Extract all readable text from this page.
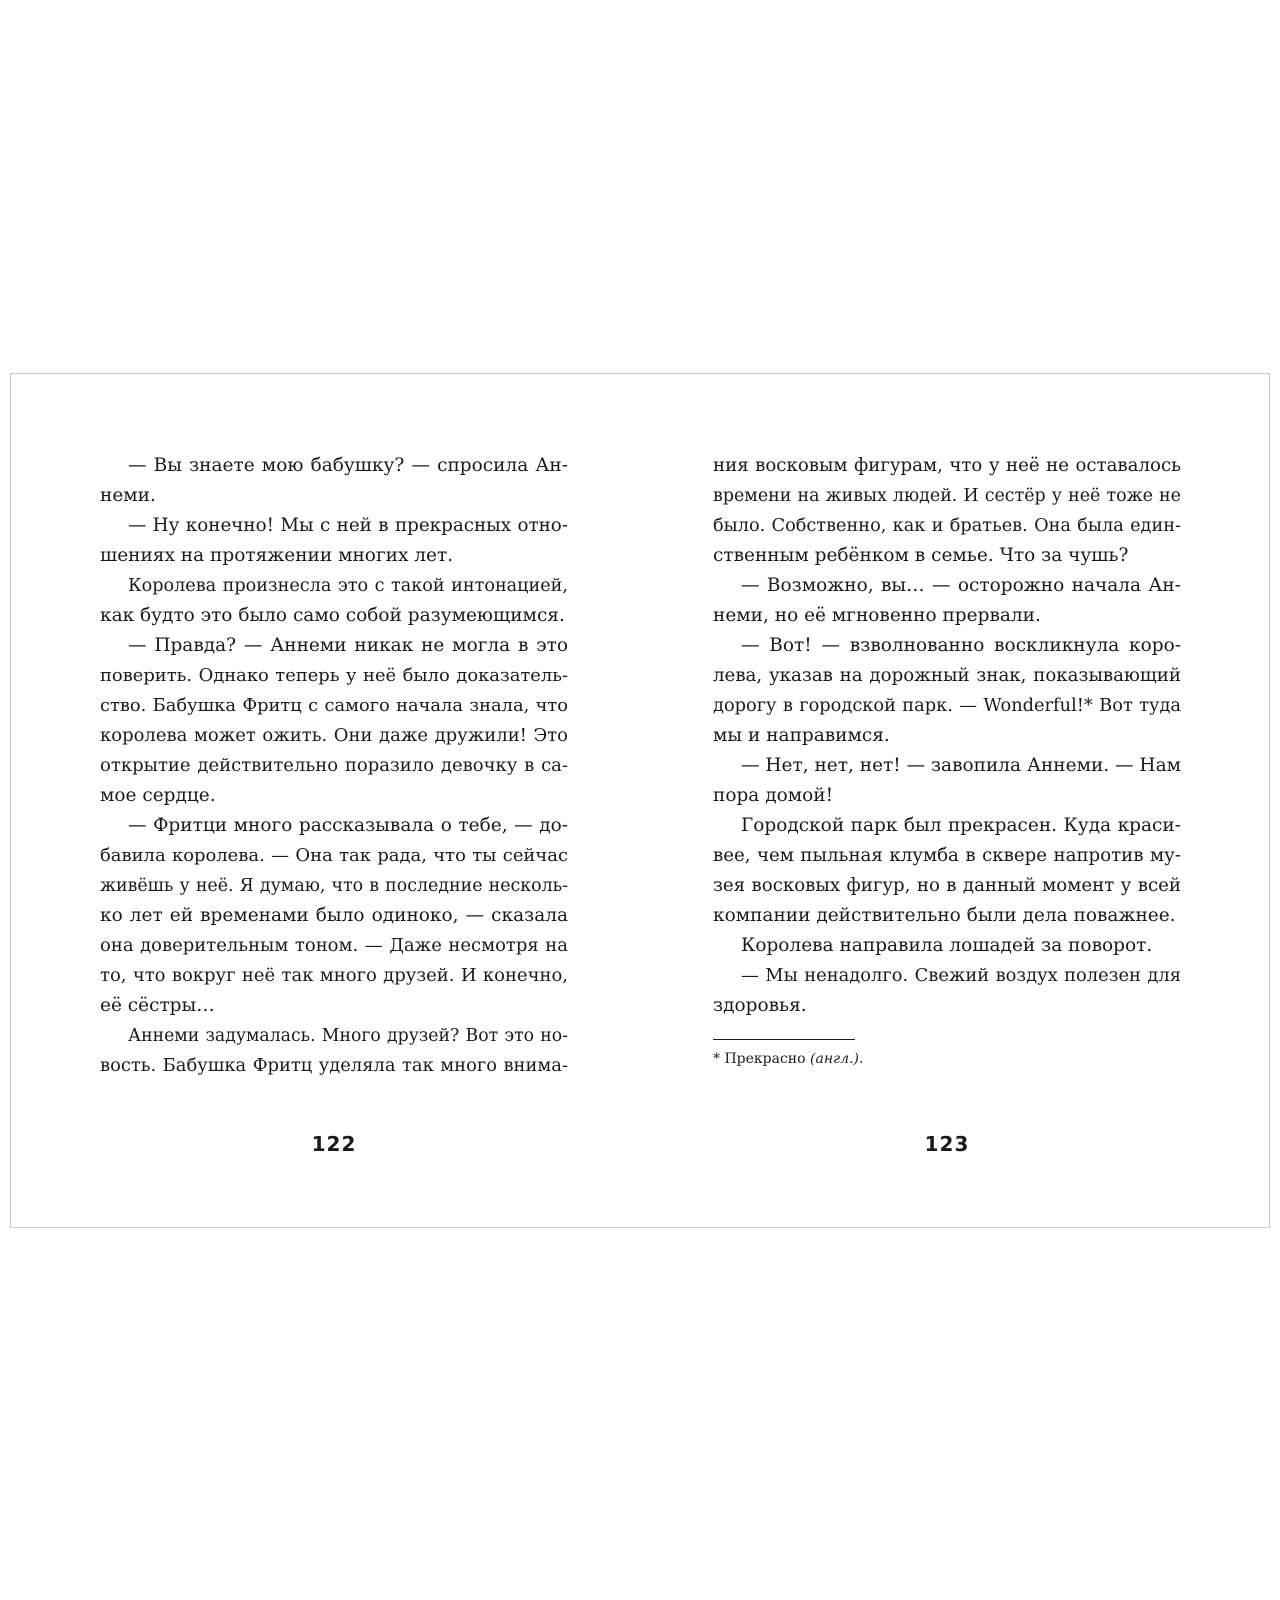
— Вы знаете мою бабушку? — спросила Ан-
неми.
— Ну конечно! Мы с ней в прекрасных отно-
шениях на протяжении многих лет.
Королева произнесла это с такой интонацией,
как будто это было само собой разумеющимся.
— Правда? — Аннеми никак не могла в это
поверить. Однако теперь у неё было доказатель-
ство. Бабушка Фритц с самого начала знала, что
королева может ожить. Они даже дружили! Это
открытие действительно поразило девочку в са-
мое сердце.
— Фритци много рассказывала о тебе, — до-
бавила королева. — Она так рада, что ты сейчас
живёшь у неё. Я думаю, что в последние несколь-
ко лет ей временами было одиноко, — сказала
она доверительным тоном. — Даже несмотря на
то, что вокруг неё так много друзей. И конечно,
её сёстры…
Аннеми задумалась. Много друзей? Вот это но-
вость. Бабушка Фритц уделяла так много внима-
122
ния восковым фигурам, что у неё не оставалось
времени на живых людей. И сестёр у неё тоже не
было. Собственно, как и братьев. Она была един-
ственным ребёнком в семье. Что за чушь?
— Возможно, вы… — осторожно начала Ан-
неми, но её мгновенно прервали.
— Вот! — взволнованно воскликнула коро-
лева, указав на дорожный знак, показывающий
дорогу в городской парк. — Wonderful!* Вот туда
мы и направимся.
— Нет, нет, нет! — завопила Аннеми. — Нам
пора домой!
Городской парк был прекрасен. Куда краси-
вее, чем пыльная клумба в сквере напротив му-
зея восковых фигур, но в данный момент у всей
компании действительно были дела поважнее.
Королева направила лошадей за поворот.
— Мы ненадолго. Свежий воздух полезен для
здоровья.
* Прекрасно (англ.).
123
